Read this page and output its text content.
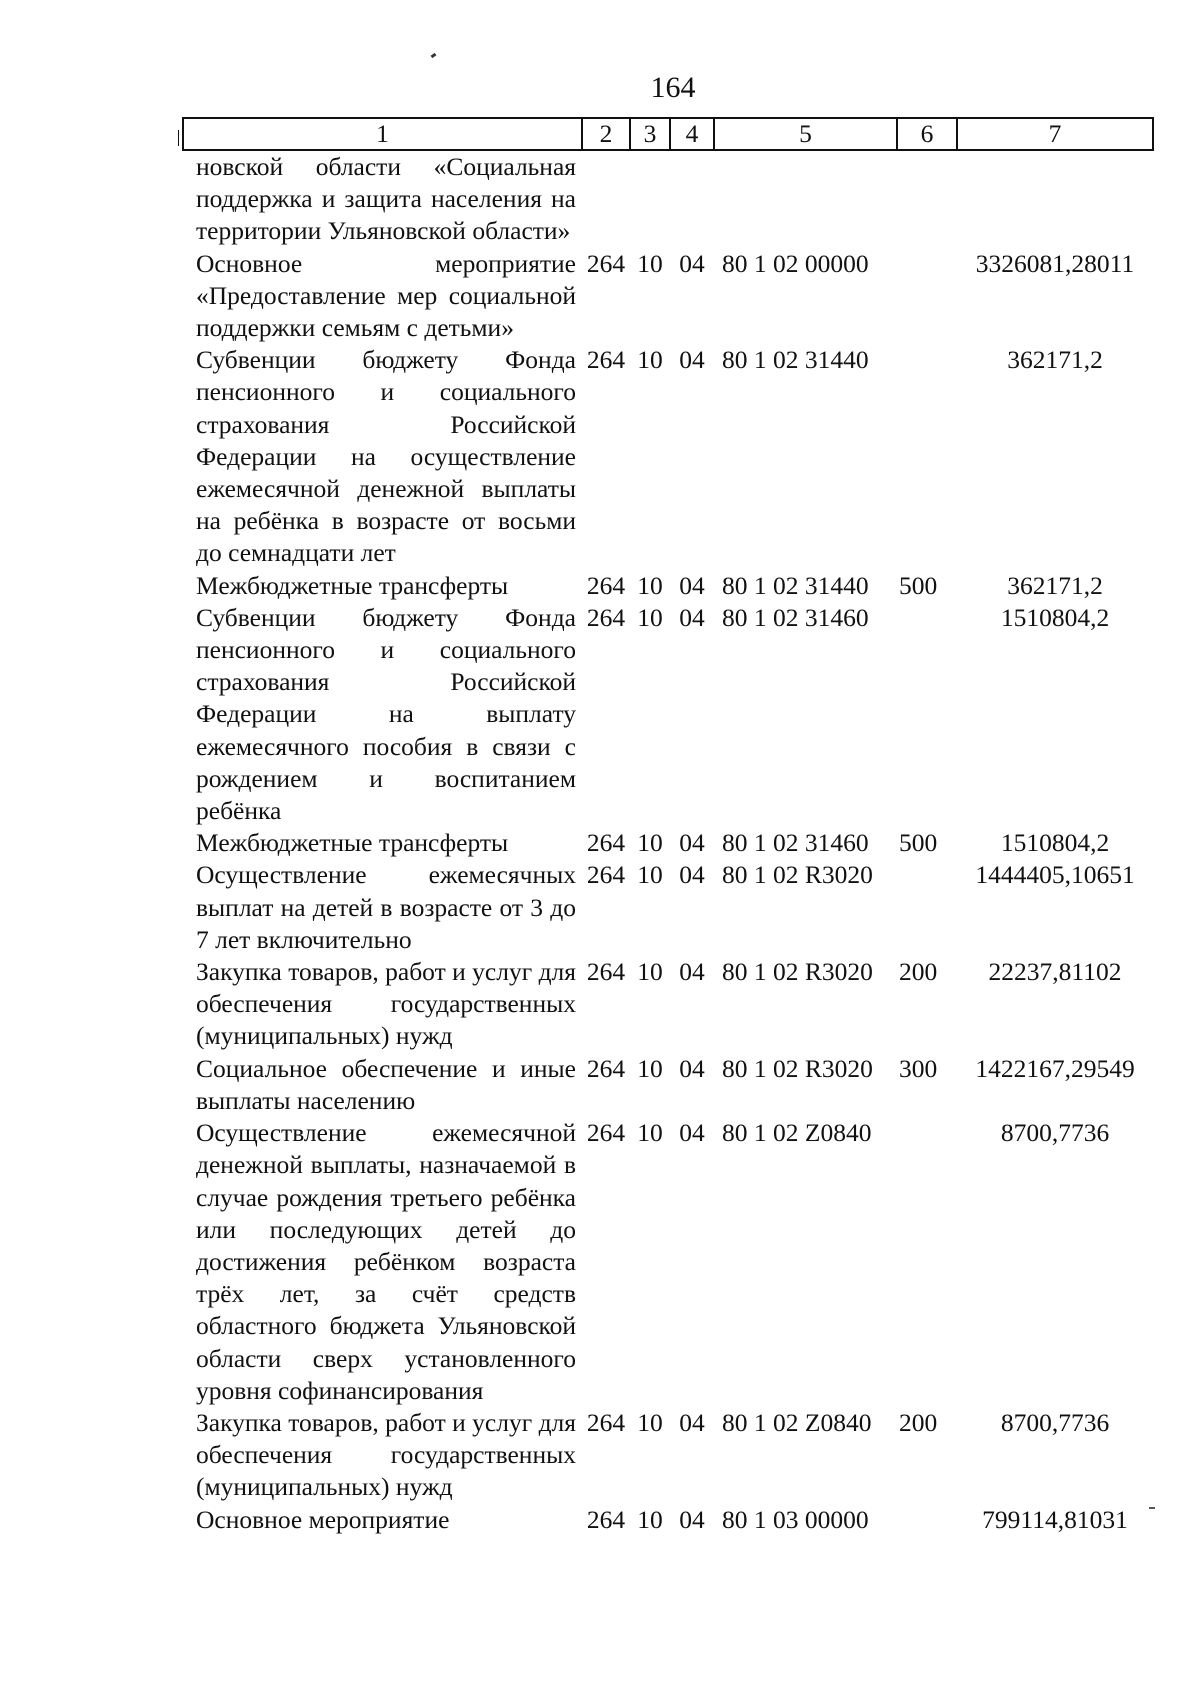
164
1	2	3	4	5	6	7
новской области «Социальная поддержка и защита населения на территории Ульяновской области»						
Основное мероприятие «Предоставление мер социальной поддержки семьям с детьми»	264	10	04	80 1 02 00000		3326081,28011
Субвенции бюджету Фонда пенсионного и социального страхования Российской Федерации на осуществление ежемесячной денежной выплаты на ребёнка в возрасте от восьми до семнадцати лет	264	10	04	80 1 02 31440		362171,2
Межбюджетные трансферты	264	10	04	80 1 02 31440	500	362171,2
Субвенции бюджету Фонда пенсионного и социального страхования Российской Федерации на выплату ежемесячного пособия в связи с рождением и воспитанием ребёнка	264	10	04	80 1 02 31460		1510804,2
Межбюджетные трансферты	264	10	04	80 1 02 31460	500	1510804,2
Осуществление ежемесячных выплат на детей в возрасте от 3 до 7 лет включительно	264	10	04	80 1 02 R3020		1444405,10651
Закупка товаров, работ и услуг для обеспечения государственных (муниципальных) нужд	264	10	04	80 1 02 R3020	200	22237,81102
Социальное обеспечение и иные выплаты населению	264	10	04	80 1 02 R3020	300	1422167,29549
Осуществление ежемесячной денежной выплаты, назначаемой в случае рождения третьего ребёнка или последующих детей до достижения ребёнком возраста трёх лет, за счёт средств областного бюджета Ульяновской области сверх установленного уровня софинансирования	264	10	04	80 1 02 Z0840		8700,7736
Закупка товаров, работ и услуг для обеспечения государственных (муниципальных) нужд	264	10	04	80 1 02 Z0840	200	8700,7736
Основное мероприятие	264	10	04	80 1 03 00000		799114,81031
